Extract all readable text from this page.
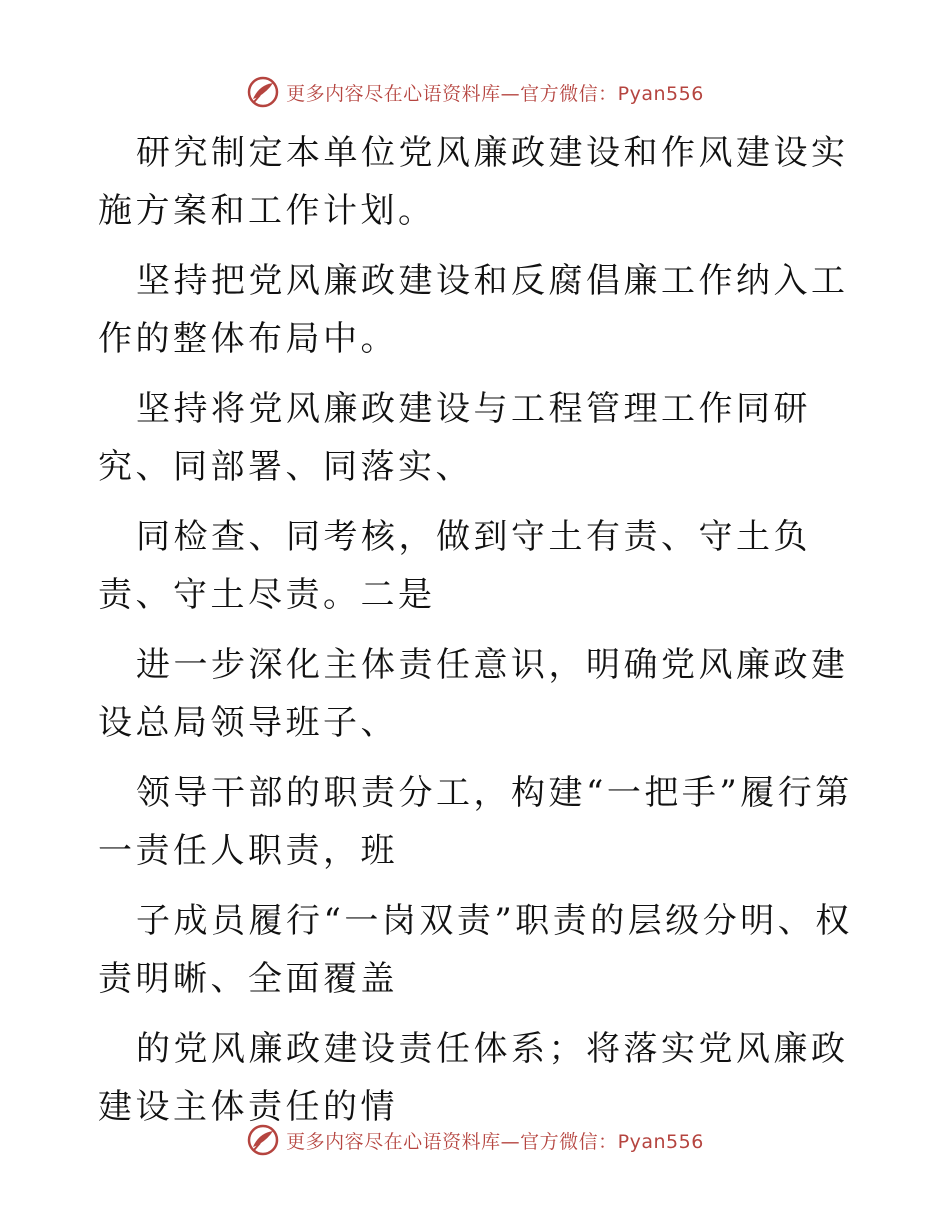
更多内容尽在心语资料库—官方微信：Pyan556

研究制定本单位党风廉政建设和作风建设实施方案和工作计划。

坚持把党风廉政建设和反腐倡廉工作纳入工作的整体布局中。

坚持将党风廉政建设与工程管理工作同研究、同部署、同落实、

同检查、同考核，做到守土有责、守土负责、守土尽责。二是

进一步深化主体责任意识，明确党风廉政建设总局领导班子、

领导干部的职责分工，构建“一把手”履行第一责任人职责，班

子成员履行“一岗双责”职责的层级分明、权责明晰、全面覆盖

的党风廉政建设责任体系；将落实党风廉政建设主体责任的情

更多内容尽在心语资料库—官方微信：Pyan556
